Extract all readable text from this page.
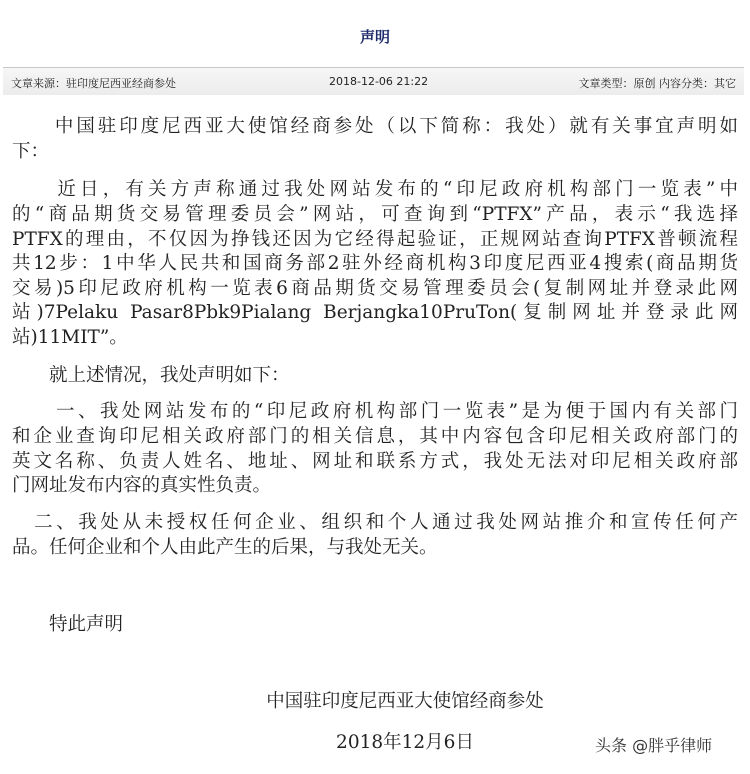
声明
文章来源：驻印度尼西亚经商参处	2018-12-06 21:22	文章类型：原创 内容分类：其它
　　中国驻印度尼西亚大使馆经商参处（以下简称：我处）就有关事宜声明如
下：
　　近日，有关方声称通过我处网站发布的“印尼政府机构部门一览表”中
的“商品期货交易管理委员会”网站，可查询到“PTFX”产品，表示“我选择
PTFX的理由，不仅因为挣钱还因为它经得起验证，正规网站查询PTFX普顿流程
共12步：1中华人民共和国商务部2驻外经商机构3印度尼西亚4搜索(商品期货
交易)5印尼政府机构一览表6商品期货交易管理委员会(复制网址并登录此网
站)7Pelaku Pasar8Pbk9Pialang Berjangka10PruTon(复制网址并登录此网
站)11MIT”。
　　就上述情况，我处声明如下：
　　一、我处网站发布的“印尼政府机构部门一览表”是为便于国内有关部门
和企业查询印尼相关政府部门的相关信息，其中内容包含印尼相关政府部门的
英文名称、负责人姓名、地址、网址和联系方式，我处无法对印尼相关政府部
门网址发布内容的真实性负责。
　二、我处从未授权任何企业、组织和个人通过我处网站推介和宣传任何产
品。任何企业和个人由此产生的后果，与我处无关。
　　特此声明
中国驻印度尼西亚大使馆经商参处
2018年12月6日	头条 @胖乎律师
